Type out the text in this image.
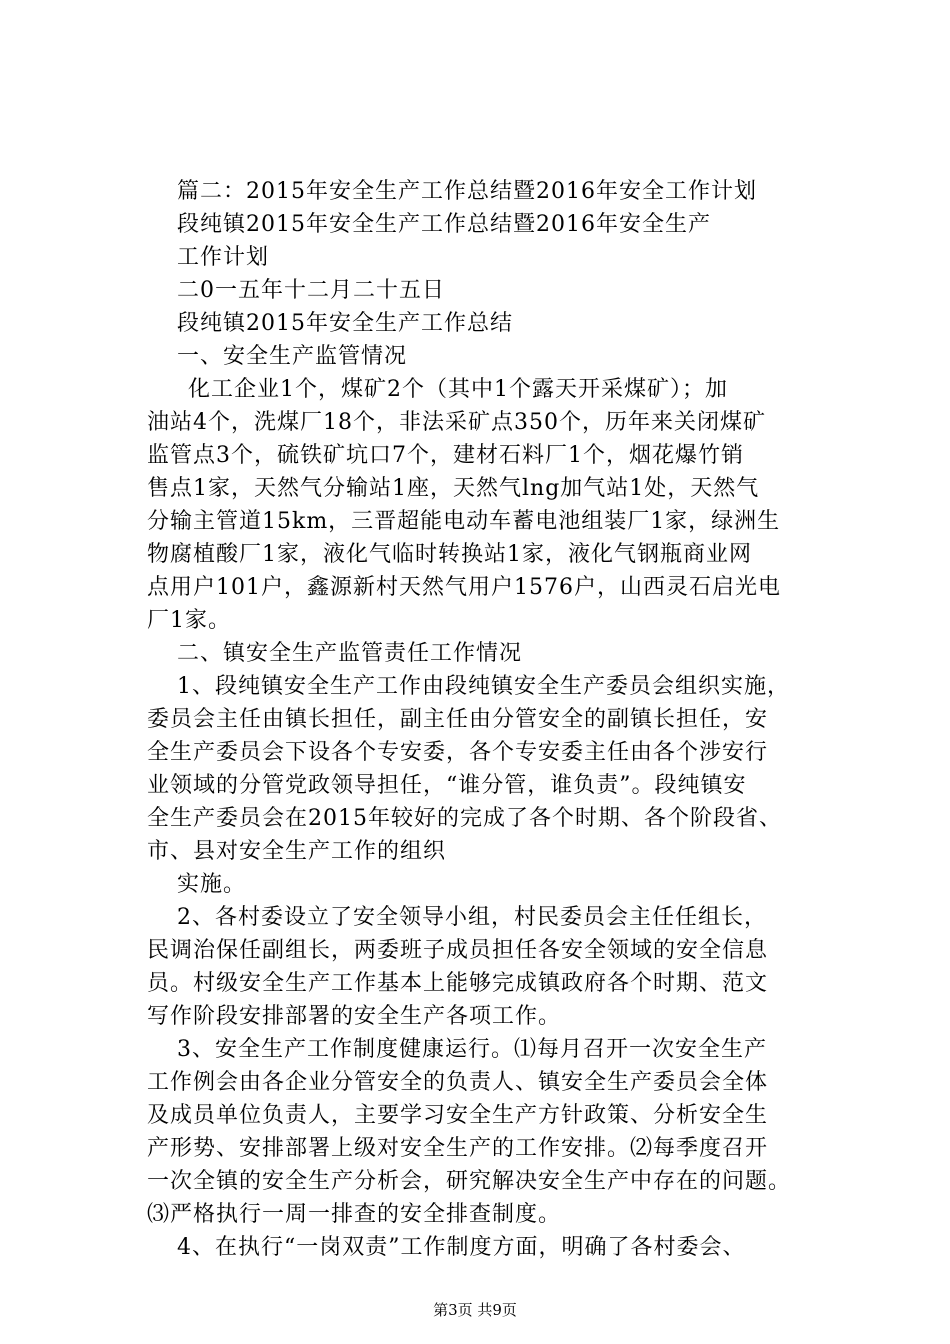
篇二：2015年安全生产工作总结暨2016年安全工作计划
段纯镇2015年安全生产工作总结暨2016年安全生产
工作计划
二0一五年十二月二十五日
段纯镇2015年安全生产工作总结
一、安全生产监管情况
化工企业1个，煤矿2个（其中1个露天开采煤矿）；加
油站4个，洗煤厂18个，非法采矿点350个，历年来关闭煤矿
监管点3个，硫铁矿坑口7个，建材石料厂1个，烟花爆竹销
售点1家，天然气分输站1座，天然气lng加气站1处，天然气
分输主管道15km，三晋超能电动车蓄电池组装厂1家，绿洲生
物腐植酸厂1家，液化气临时转换站1家，液化气钢瓶商业网
点用户101户，鑫源新村天然气用户1576户，山西灵石启光电
厂1家。
二、镇安全生产监管责任工作情况
1、段纯镇安全生产工作由段纯镇安全生产委员会组织实施，
委员会主任由镇长担任，副主任由分管安全的副镇长担任，安
全生产委员会下设各个专安委，各个专安委主任由各个涉安行
业领域的分管党政领导担任，“谁分管，谁负责”。段纯镇安
全生产委员会在2015年较好的完成了各个时期、各个阶段省、
市、县对安全生产工作的组织
实施。
2、各村委设立了安全领导小组，村民委员会主任任组长，
民调治保任副组长，两委班子成员担任各安全领域的安全信息
员。村级安全生产工作基本上能够完成镇政府各个时期、范文
写作阶段安排部署的安全生产各项工作。
3、安全生产工作制度健康运行。⑴每月召开一次安全生产
工作例会由各企业分管安全的负责人、镇安全生产委员会全体
及成员单位负责人，主要学习安全生产方针政策、分析安全生
产形势、安排部署上级对安全生产的工作安排。⑵每季度召开
一次全镇的安全生产分析会，研究解决安全生产中存在的问题。
⑶严格执行一周一排查的安全排查制度。
4、在执行“一岗双责”工作制度方面，明确了各村委会、
第3页 共9页
